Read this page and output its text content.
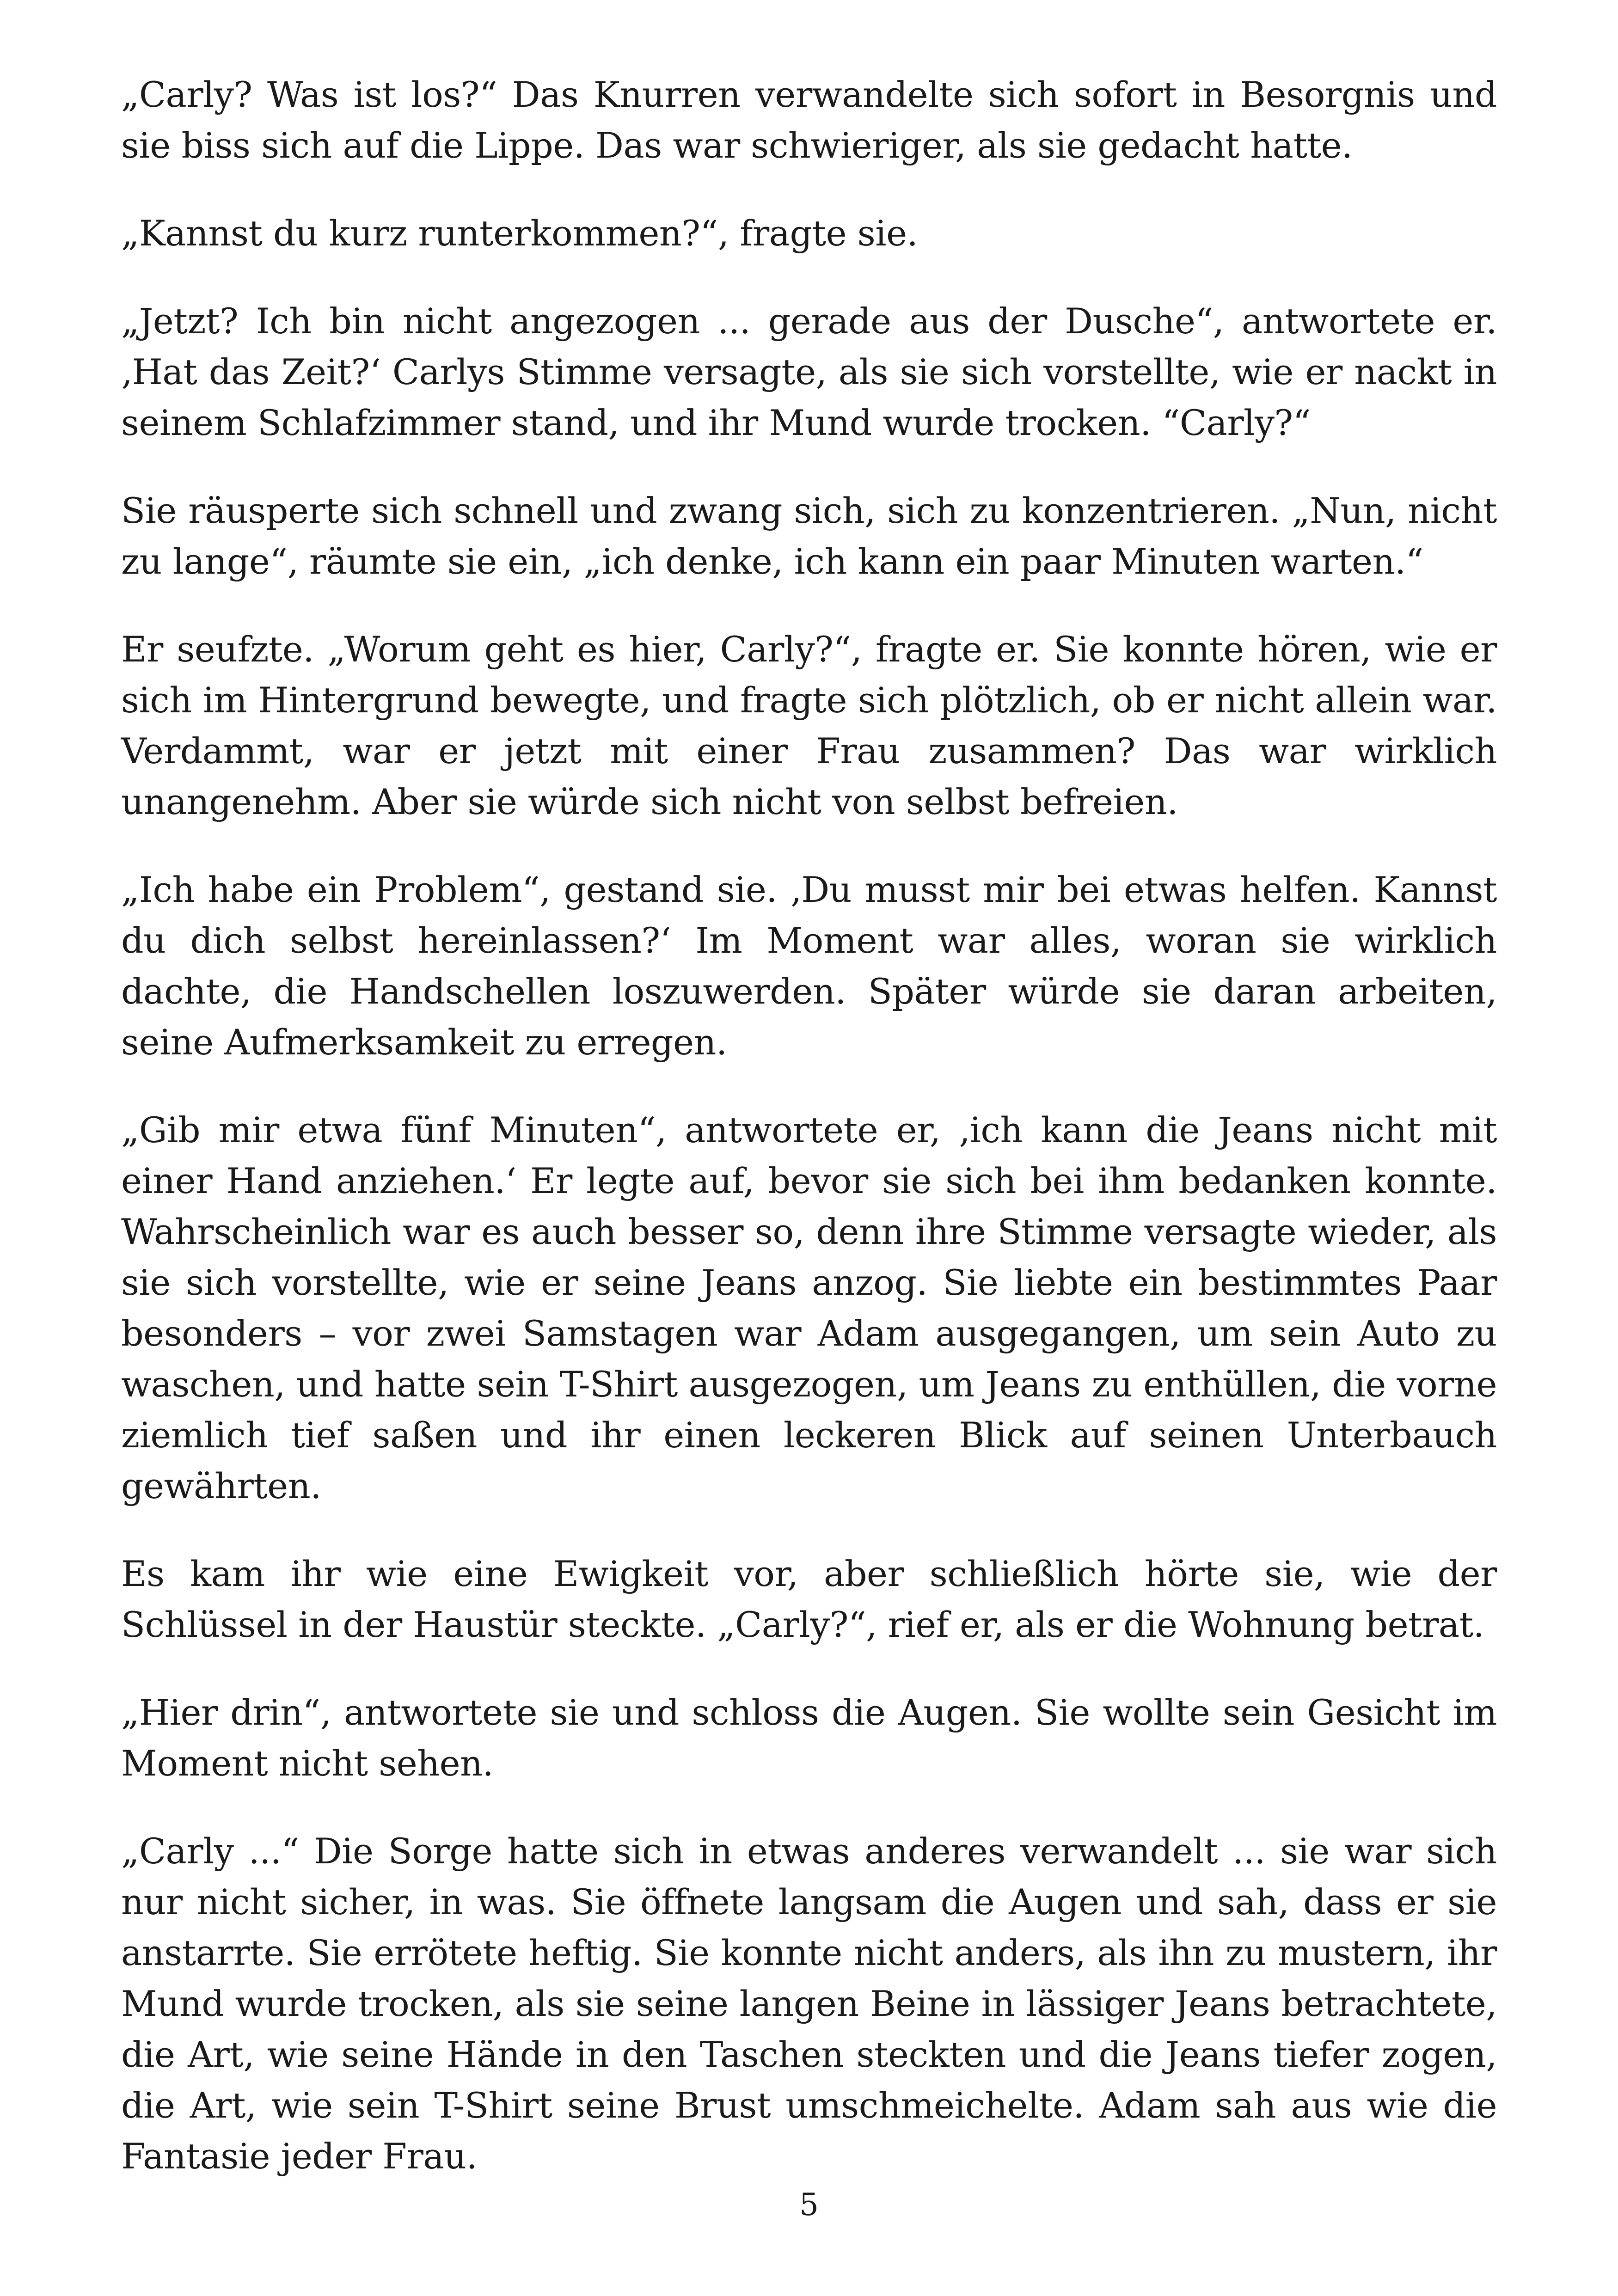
„Carly? Was ist los?“ Das Knurren verwandelte sich sofort in Besorgnis und sie biss sich auf die Lippe. Das war schwieriger, als sie gedacht hatte.

„Kannst du kurz runterkommen?“, fragte sie.

„Jetzt? Ich bin nicht angezogen ... gerade aus der Dusche“, antwortete er. ‚Hat das Zeit?‘ Carlys Stimme versagte, als sie sich vorstellte, wie er nackt in seinem Schlafzimmer stand, und ihr Mund wurde trocken. “Carly?“

Sie räusperte sich schnell und zwang sich, sich zu konzentrieren. „Nun, nicht zu lange“, räumte sie ein, „ich denke, ich kann ein paar Minuten warten.“

Er seufzte. „Worum geht es hier, Carly?“, fragte er. Sie konnte hören, wie er sich im Hintergrund bewegte, und fragte sich plötzlich, ob er nicht allein war. Verdammt, war er jetzt mit einer Frau zusammen? Das war wirklich unangenehm. Aber sie würde sich nicht von selbst befreien.

„Ich habe ein Problem“, gestand sie. ‚Du musst mir bei etwas helfen. Kannst du dich selbst hereinlassen?‘ Im Moment war alles, woran sie wirklich dachte, die Handschellen loszuwerden. Später würde sie daran arbeiten, seine Aufmerksamkeit zu erregen.

„Gib mir etwa fünf Minuten“, antwortete er, ‚ich kann die Jeans nicht mit einer Hand anziehen.‘ Er legte auf, bevor sie sich bei ihm bedanken konnte. Wahrscheinlich war es auch besser so, denn ihre Stimme versagte wieder, als sie sich vorstellte, wie er seine Jeans anzog. Sie liebte ein bestimmtes Paar besonders – vor zwei Samstagen war Adam ausgegangen, um sein Auto zu waschen, und hatte sein T-Shirt ausgezogen, um Jeans zu enthüllen, die vorne ziemlich tief saßen und ihr einen leckeren Blick auf seinen Unterbauch gewährten.

Es kam ihr wie eine Ewigkeit vor, aber schließlich hörte sie, wie der Schlüssel in der Haustür steckte. „Carly?“, rief er, als er die Wohnung betrat.

„Hier drin“, antwortete sie und schloss die Augen. Sie wollte sein Gesicht im Moment nicht sehen.

„Carly ...“ Die Sorge hatte sich in etwas anderes verwandelt ... sie war sich nur nicht sicher, in was. Sie öffnete langsam die Augen und sah, dass er sie anstarrte. Sie errötete heftig. Sie konnte nicht anders, als ihn zu mustern, ihr Mund wurde trocken, als sie seine langen Beine in lässiger Jeans betrachtete, die Art, wie seine Hände in den Taschen steckten und die Jeans tiefer zogen, die Art, wie sein T-Shirt seine Brust umschmeichelte. Adam sah aus wie die Fantasie jeder Frau.

5
